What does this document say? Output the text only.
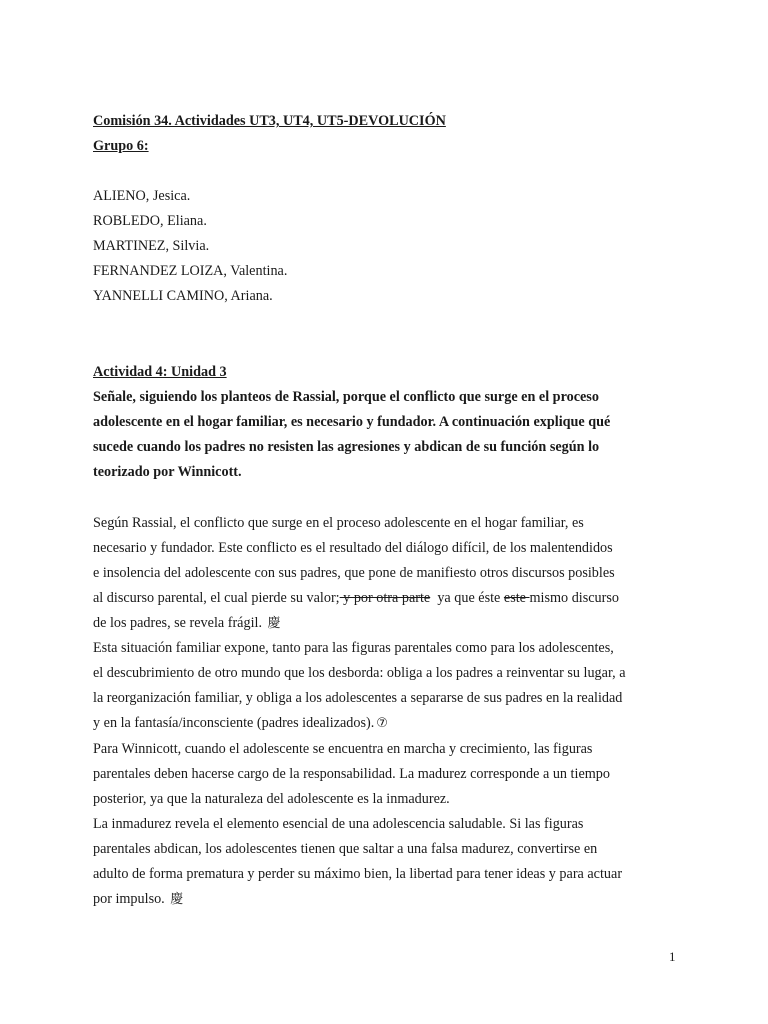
Comisión 34. Actividades UT3, UT4, UT5-DEVOLUCIÓN
Grupo 6:
ALIENO, Jesica.
ROBLEDO, Eliana.
MARTINEZ, Silvia.
FERNANDEZ LOIZA, Valentina.
YANNELLI CAMINO, Ariana.
Actividad 4: Unidad 3
Señale, siguiendo los planteos de Rassial, porque el conflicto que surge en el proceso
adolescente en el hogar familiar, es necesario y fundador. A continuación explique qué
sucede cuando los padres no resisten las agresiones y abdican de su función según lo
teorizado por Winnicott.
Según Rassial, el conflicto que surge en el proceso adolescente en el hogar familiar, es
necesario y fundador. Este conflicto es el resultado del diálogo difícil, de los malentendidos
e insolencia del adolescente con sus padres, que pone de manifiesto otros discursos posibles
al discurso parental, el cual pierde su valor; y por otra parte  ya que éste este mismo discurso
de los padres, se revela frágil. 慶
Esta situación familiar expone, tanto para las figuras parentales como para los adolescentes,
el descubrimiento de otro mundo que los desborda: obliga a los padres a reinventar su lugar, a
la reorganización familiar, y obliga a los adolescentes a separarse de sus padres en la realidad
y en la fantasía/inconsciente (padres idealizados). ⑦
Para Winnicott, cuando el adolescente se encuentra en marcha y crecimiento, las figuras
parentales deben hacerse cargo de la responsabilidad. La madurez corresponde a un tiempo
posterior, ya que la naturaleza del adolescente es la inmadurez.
La inmadurez revela el elemento esencial de una adolescencia saludable. Si las figuras
parentales abdican, los adolescentes tienen que saltar a una falsa madurez, convertirse en
adulto de forma prematura y perder su máximo bien, la libertad para tener ideas y para actuar
por impulso. 慶
1
